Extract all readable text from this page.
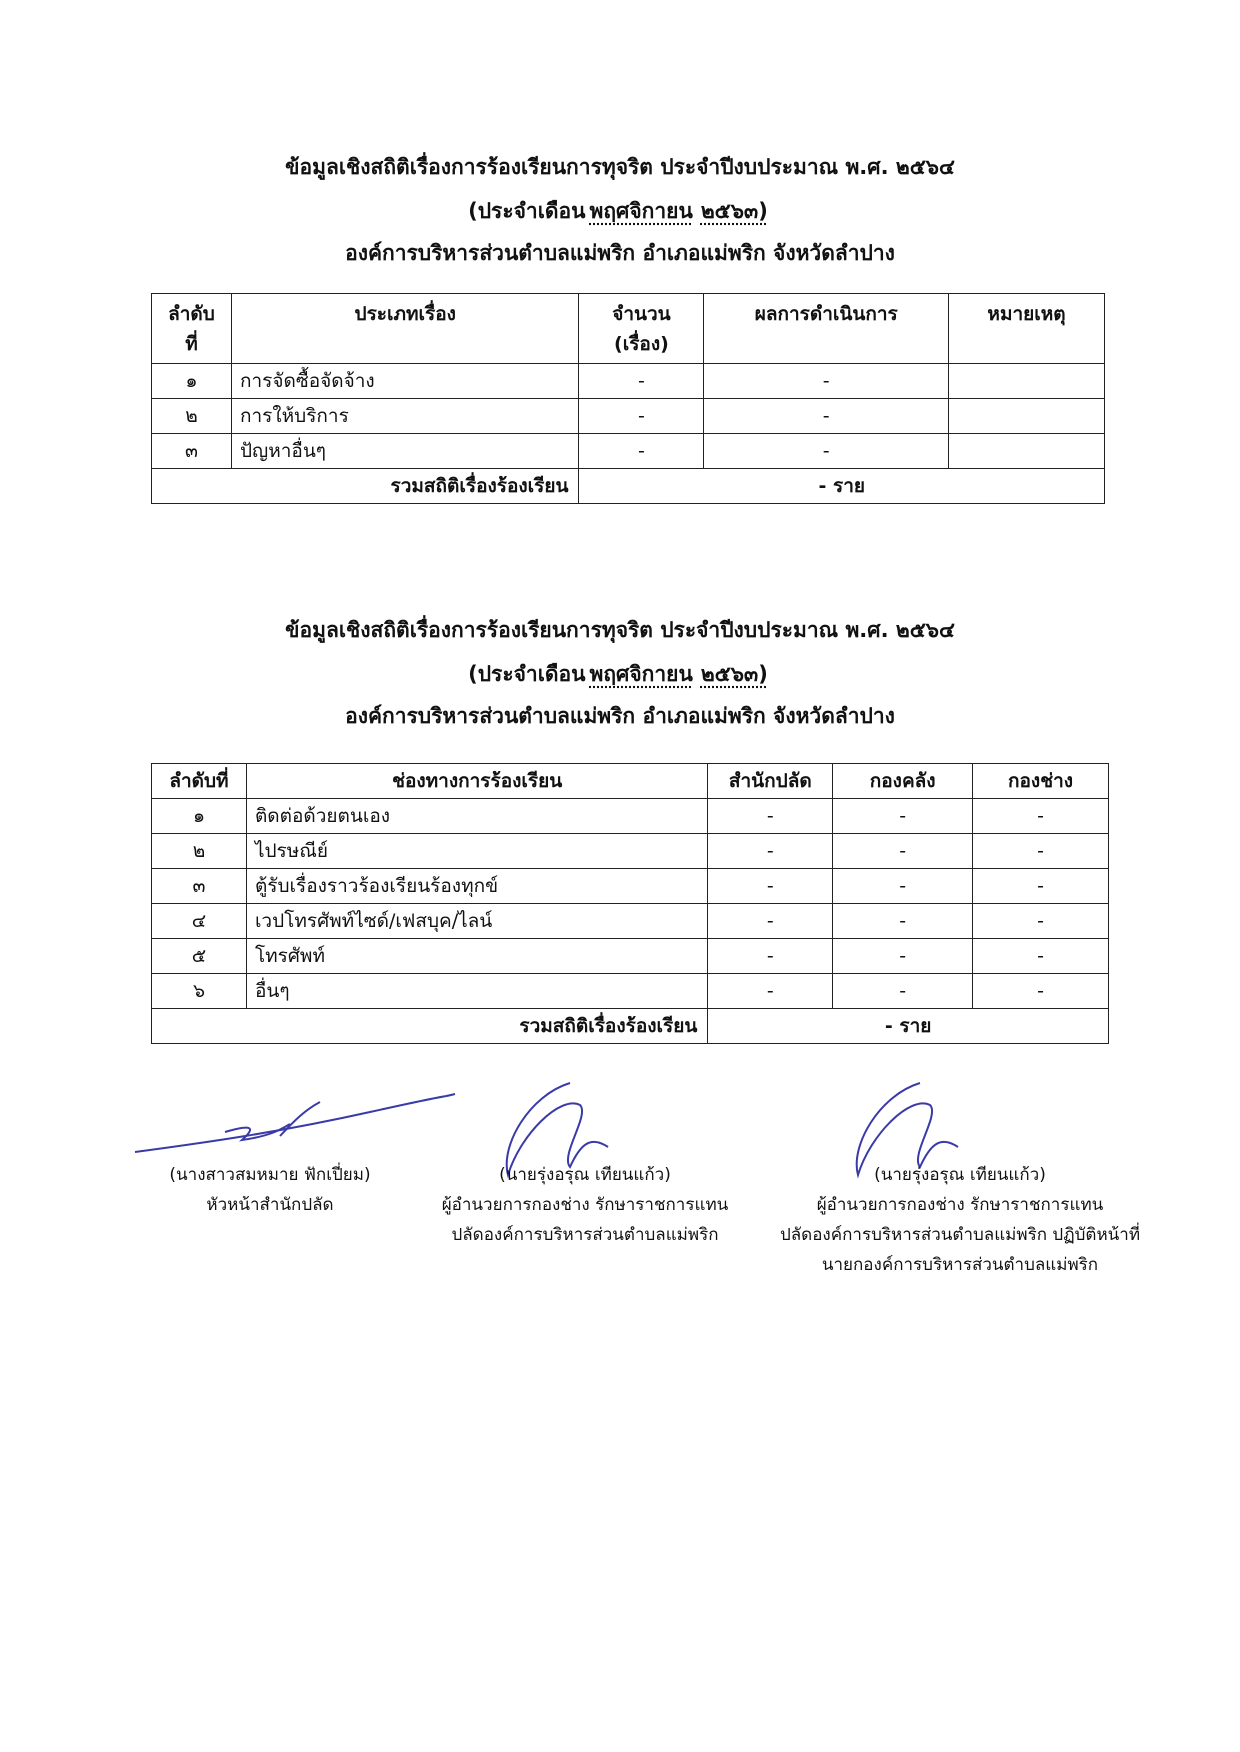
ข้อมูลเชิงสถิติเรื่องการร้องเรียนการทุจริต ประจำปีงบประมาณ พ.ศ. ๒๕๖๔
(ประจำเดือน พฤศจิกายน ๒๕๖๓)
องค์การบริหารส่วนตำบลแม่พริก อำเภอแม่พริก จังหวัดลำปาง
ลำดับ ที่	ประเภทเรื่อง	จำนวน (เรื่อง)	ผลการดำเนินการ	หมายเหตุ
๑	การจัดซื้อจัดจ้าง	-	-	
๒	การให้บริการ	-	-	
๓	ปัญหาอื่นๆ	-	-	
รวมสถิติเรื่องร้องเรียน		- ราย		
ข้อมูลเชิงสถิติเรื่องการร้องเรียนการทุจริต ประจำปีงบประมาณ พ.ศ. ๒๕๖๔
(ประจำเดือน พฤศจิกายน ๒๕๖๓)
องค์การบริหารส่วนตำบลแม่พริก อำเภอแม่พริก จังหวัดลำปาง
ลำดับที่	ช่องทางการร้องเรียน	สำนักปลัด	กองคลัง	กองช่าง
๑	ติดต่อด้วยตนเอง	-	-	-
๒	ไปรษณีย์	-	-	-
๓	ตู้รับเรื่องราวร้องเรียนร้องทุกข์	-	-	-
๔	เวปโทรศัพท์ไซด์/เฟสบุค/ไลน์	-	-	-
๕	โทรศัพท์	-	-	-
๖	อื่นๆ	-	-	-
รวมสถิติเรื่องร้องเรียน		- ราย		
(นางสาวสมหมาย ฟักเปี่ยม)
หัวหน้าสำนักปลัด
(นายรุ่งอรุณ เทียนแก้ว)
ผู้อำนวยการกองช่าง รักษาราชการแทน
ปลัดองค์การบริหารส่วนตำบลแม่พริก
(นายรุ่งอรุณ เทียนแก้ว)
ผู้อำนวยการกองช่าง รักษาราชการแทน
ปลัดองค์การบริหารส่วนตำบลแม่พริก ปฏิบัติหน้าที่
นายกองค์การบริหารส่วนตำบลแม่พริก
